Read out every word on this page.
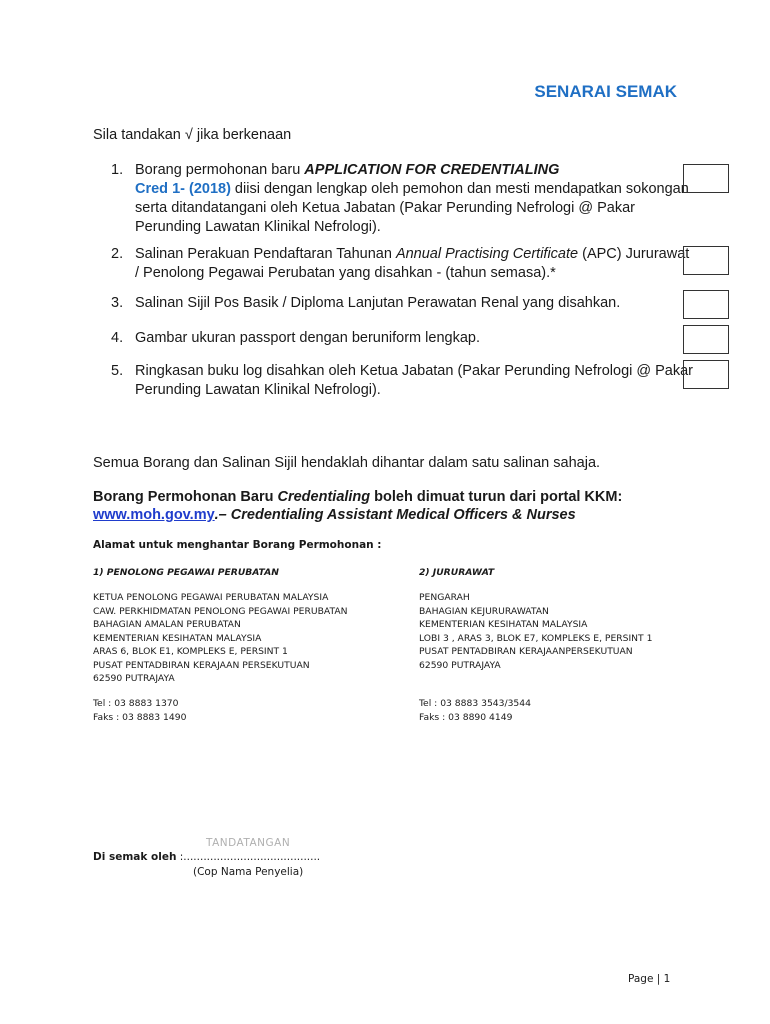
SENARAI SEMAK
Sila tandakan √ jika berkenaan
1. Borang permohonan baru APPLICATION FOR CREDENTIALING
Cred 1- (2018) diisi dengan lengkap oleh pemohon dan mesti mendapatkan sokongan serta ditandatangani oleh Ketua Jabatan (Pakar Perunding Nefrologi @ Pakar Perunding Lawatan Klinikal Nefrologi).
2. Salinan Perakuan Pendaftaran Tahunan Annual Practising Certificate (APC) Jururawat / Penolong Pegawai Perubatan yang disahkan - (tahun semasa).*
3. Salinan Sijil Pos Basik / Diploma Lanjutan Perawatan Renal yang disahkan.
4. Gambar ukuran passport dengan beruniform lengkap.
5. Ringkasan buku log disahkan oleh Ketua Jabatan (Pakar Perunding Nefrologi @ Pakar Perunding Lawatan Klinikal Nefrologi).
Semua Borang dan Salinan Sijil hendaklah dihantar dalam satu salinan sahaja.
Borang Permohonan Baru Credentialing boleh dimuat turun dari portal KKM:
www.moh.gov.my.– Credentialing Assistant Medical Officers & Nurses
Alamat untuk menghantar Borang Permohonan :
1) PENOLONG PEGAWAI PERUBATAN
KETUA PENOLONG PEGAWAI PERUBATAN MALAYSIA
CAW. PERKHIDMATAN PENOLONG PEGAWAI PERUBATAN
BAHAGIAN AMALAN PERUBATAN
KEMENTERIAN KESIHATAN MALAYSIA
ARAS 6, BLOK E1, KOMPLEKS E, PERSINT 1
PUSAT PENTADBIRAN KERAJAAN PERSEKUTUAN
62590 PUTRAJAYA
Tel : 03 8883 1370
Faks : 03 8883 1490
2) JURURAWAT
PENGARAH
BAHAGIAN KEJURURAWATAN
KEMENTERIAN KESIHATAN MALAYSIA
LOBI 3 , ARAS 3, BLOK E7, KOMPLEKS E, PERSINT 1
PUSAT PENTADBIRAN KERAJAANPERSEKUTUAN
62590 PUTRAJAYA
Tel : 03 8883 3543/3544
Faks : 03 8890 4149
TANDATANGAN
Di semak oleh :.........................................
(Cop Nama Penyelia)
Page | 1
